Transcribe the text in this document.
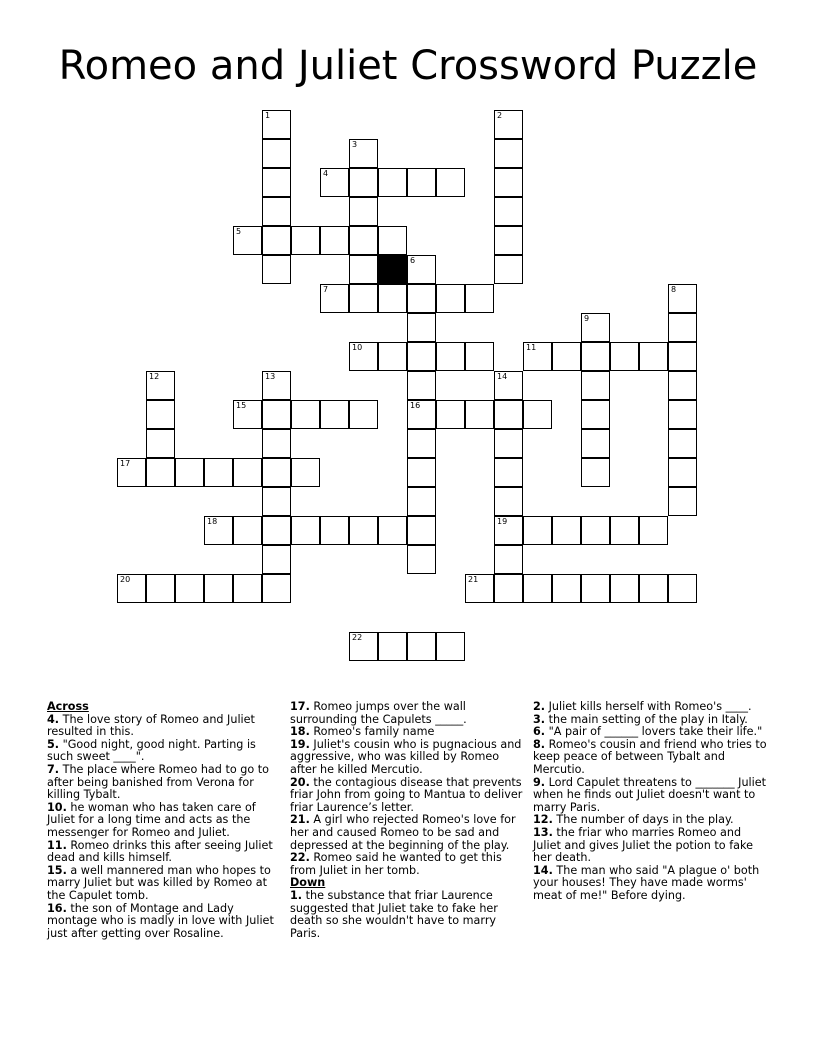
Romeo and Juliet Crossword Puzzle
1	2
3
4
5
6
16
7	8
9
10	11
12	13	14
19
15
17
18
20	21
22
Across
4. The love story of Romeo and Juliet resulted in this.
5. "Good night, good night. Parting is such sweet ____".
7. The place where Romeo had to go to after being banished from Verona for killing Tybalt.
10. he woman who has taken care of Juliet for a long time and acts as the messenger for Romeo and Juliet.
11. Romeo drinks this after seeing Juliet dead and kills himself.
15. a well mannered man who hopes to marry Juliet but was killed by Romeo at the Capulet tomb.
16. the son of Montage and Lady montage who is madly in love with Juliet just after getting over Rosaline.
17. Romeo jumps over the wall surrounding the Capulets _____.
18. Romeo's family name
19. Juliet's cousin who is pugnacious and aggressive, who was killed by Romeo after he killed Mercutio.
20. the contagious disease that prevents friar John from going to Mantua to deliver friar Laurence’s letter.
21. A girl who rejected Romeo's love for her and caused Romeo to be sad and depressed at the beginning of the play.
22. Romeo said he wanted to get this from Juliet in her tomb.
Down
1. the substance that friar Laurence suggested that Juliet take to fake her death so she wouldn't have to marry Paris.
2. Juliet kills herself with Romeo's ____.
3. the main setting of the play in Italy.
6. "A pair of ______ lovers take their life."
8. Romeo's cousin and friend who tries to keep peace of between Tybalt and Mercutio.
9. Lord Capulet threatens to _______ Juliet when he finds out Juliet doesn't want to marry Paris.
12. The number of days in the play.
13. the friar who marries Romeo and Juliet and gives Juliet the potion to fake her death.
14. The man who said "A plague o' both your houses! They have made worms' meat of me!" Before dying.
